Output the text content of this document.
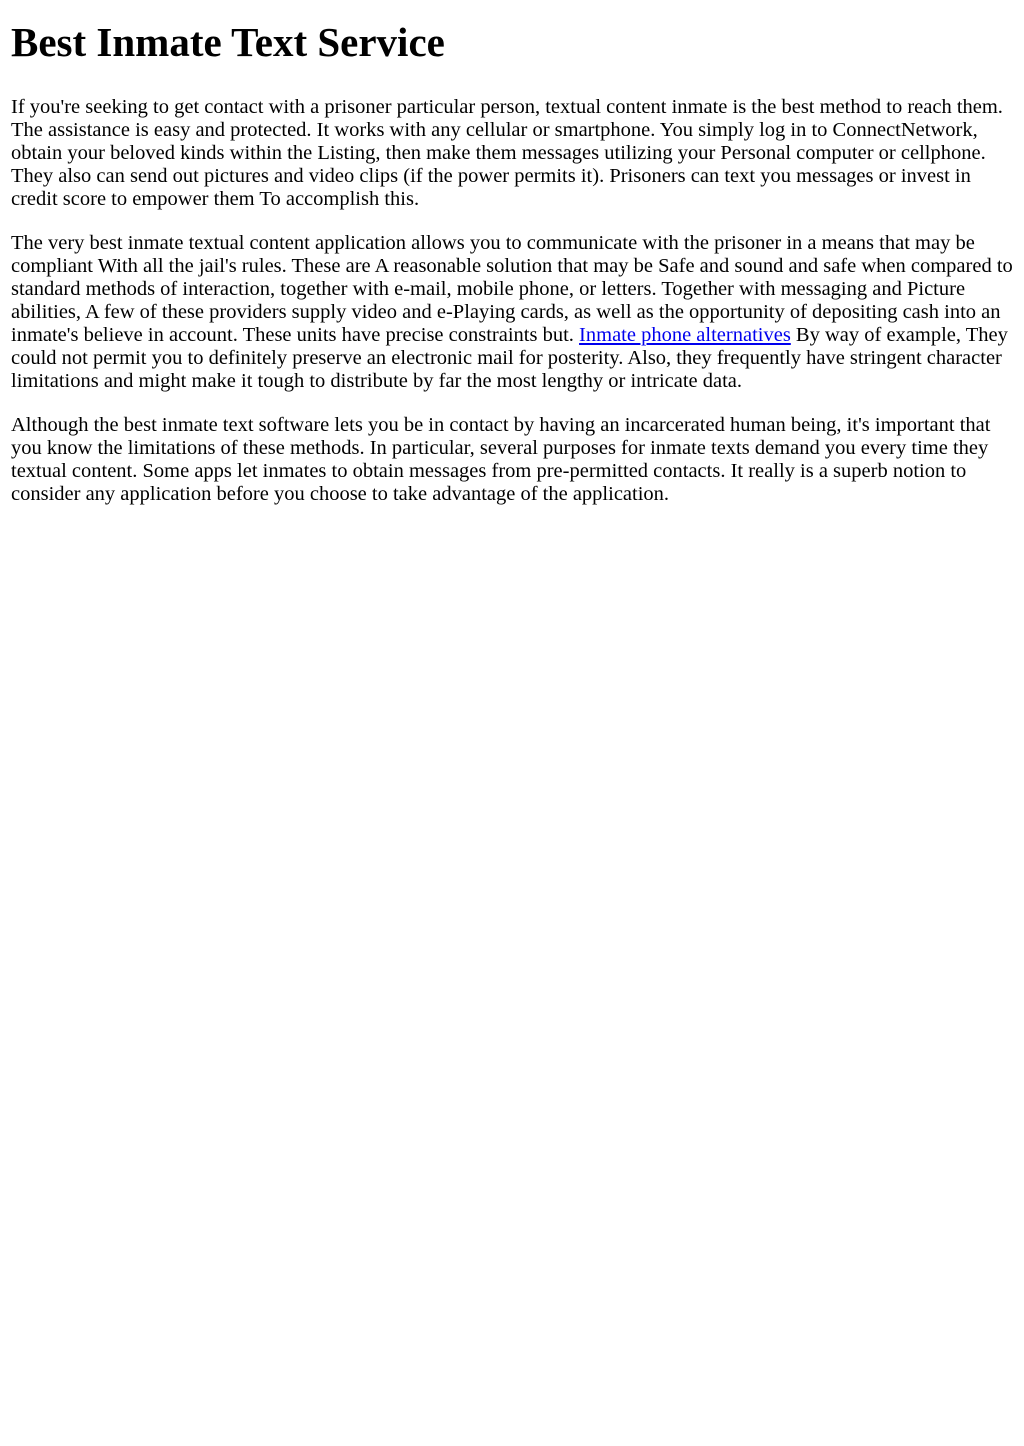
Best Inmate Text Service

If you're seeking to get contact with a prisoner particular person, textual content inmate is the best method to reach them. The assistance is easy and protected. It works with any cellular or smartphone. You simply log in to ConnectNetwork, obtain your beloved kinds within the Listing, then make them messages utilizing your Personal computer or cellphone. They also can send out pictures and video clips (if the power permits it). Prisoners can text you messages or invest in credit score to empower them To accomplish this.

The very best inmate textual content application allows you to communicate with the prisoner in a means that may be compliant With all the jail's rules. These are A reasonable solution that may be Safe and sound and safe when compared to standard methods of interaction, together with e-mail, mobile phone, or letters. Together with messaging and Picture abilities, A few of these providers supply video and e-Playing cards, as well as the opportunity of depositing cash into an inmate's believe in account. These units have precise constraints but. Inmate phone alternatives By way of example, They could not permit you to definitely preserve an electronic mail for posterity. Also, they frequently have stringent character limitations and might make it tough to distribute by far the most lengthy or intricate data.

Although the best inmate text software lets you be in contact by having an incarcerated human being, it's important that you know the limitations of these methods. In particular, several purposes for inmate texts demand you every time they textual content. Some apps let inmates to obtain messages from pre-permitted contacts. It really is a superb notion to consider any application before you choose to take advantage of the application.
